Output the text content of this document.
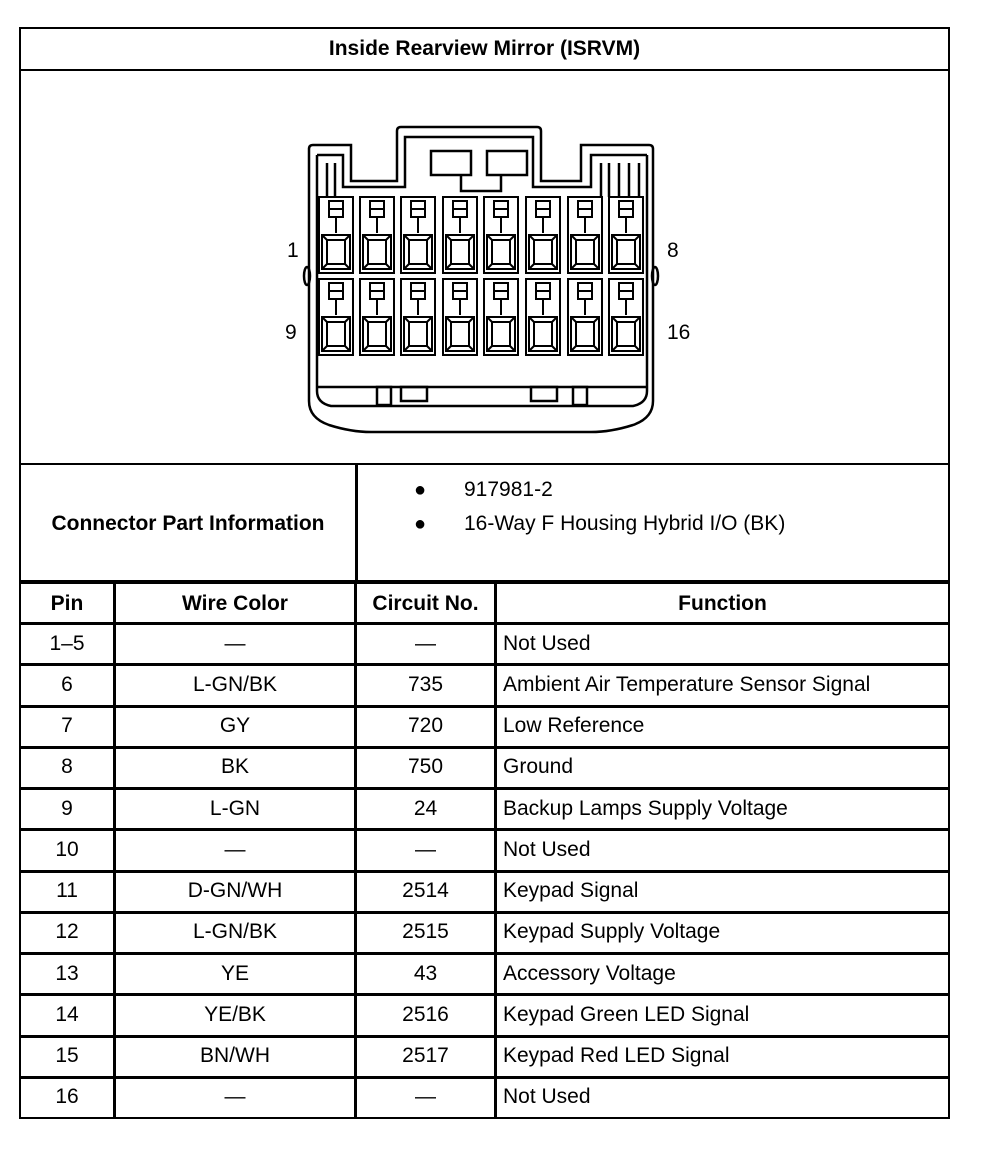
Inside Rearview Mirror (ISRVM)
1	8
9	16
Connector Part Information
● 917981-2
● 16-Way F Housing Hybrid I/O (BK)
Pin	Wire Color	Circuit No.	Function
1–5	—	—	Not Used
6	L-GN/BK	735	Ambient Air Temperature Sensor Signal
7	GY	720	Low Reference
8	BK	750	Ground
9	L-GN	24	Backup Lamps Supply Voltage
10	—	—	Not Used
11	D-GN/WH	2514	Keypad Signal
12	L-GN/BK	2515	Keypad Supply Voltage
13	YE	43	Accessory Voltage
14	YE/BK	2516	Keypad Green LED Signal
15	BN/WH	2517	Keypad Red LED Signal
16	—	—	Not Used
